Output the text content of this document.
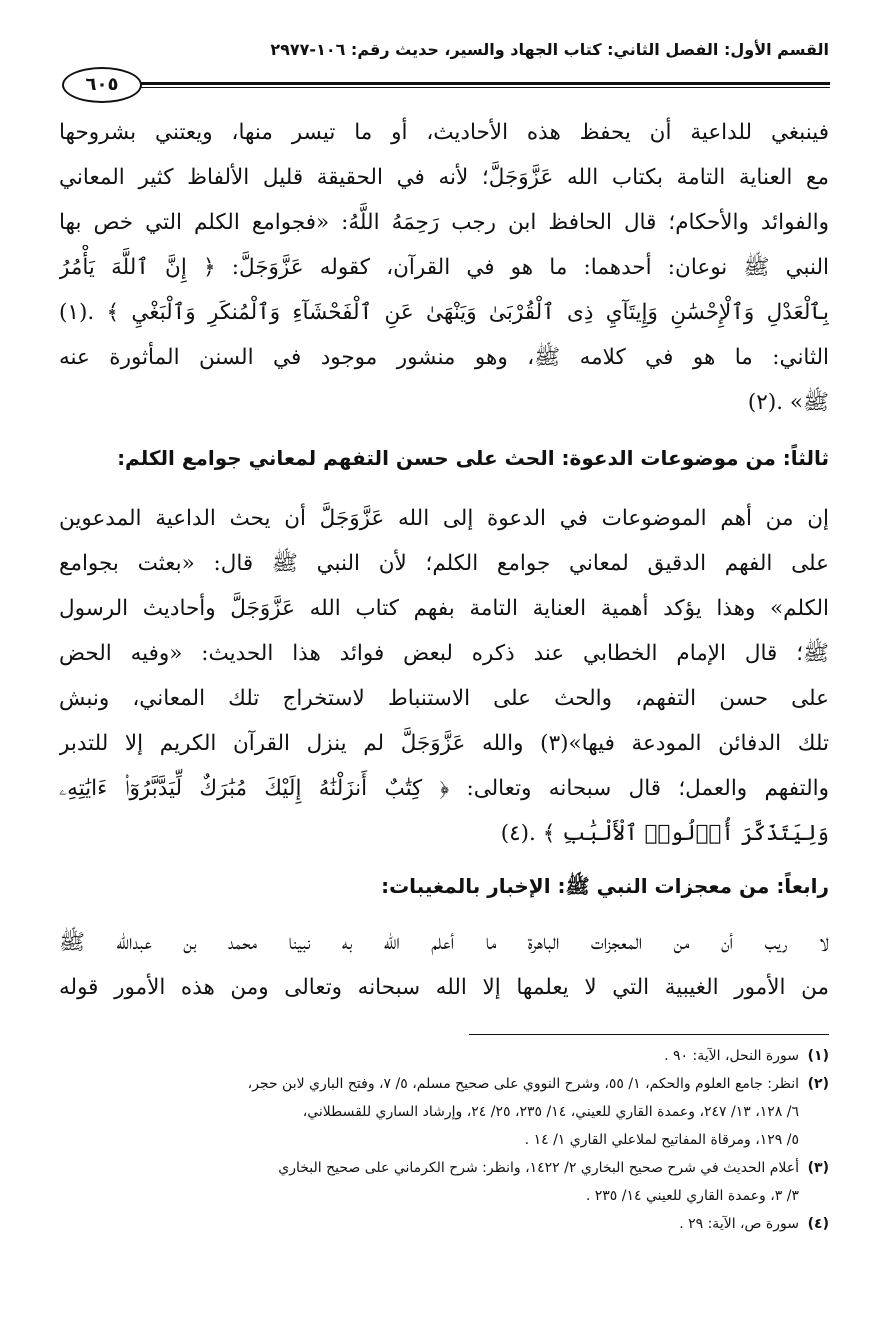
القسم الأول: الفصل الثاني: كتاب الجهاد والسير، حديث رقم: ١٠٦-٢٩٧٧
٦٠٥
فينبغي للداعية أن يحفظ هذه الأحاديث، أو ما تيسر منها، ويعتني بشروحها
مع العناية التامة بكتاب الله عَزَّوَجَلَّ؛ لأنه في الحقيقة قليل الألفاظ كثير المعاني
والفوائد والأحكام؛ قال الحافظ ابن رجب رَحِمَهُ اللَّهُ: «فجوامع الكلم التي خص بها
النبي ﷺ نوعان: أحدهما: ما هو في القرآن، كقوله عَزَّوَجَلَّ: ﴿ إِنَّ ٱللَّهَ يَأْمُرُ
بِٱلْعَدْلِ وَٱلْإِحْسَٰنِ وَإِيتَآيِ ذِى ٱلْقُرْبَىٰ وَيَنْهَىٰ عَنِ ٱلْفَحْشَآءِ وَٱلْمُنكَرِ وَٱلْبَغْيِ ﴾ .(١)
الثاني: ما هو في كلامه ﷺ، وهو منشور موجود في السنن المأثورة عنه
ﷺ» .(٢)
ثالثاً: من موضوعات الدعوة: الحث على حسن التفهم لمعاني جوامع الكلم:
إن من أهم الموضوعات في الدعوة إلى الله عَزَّوَجَلَّ أن يحث الداعية المدعوين
على الفهم الدقيق لمعاني جوامع الكلم؛ لأن النبي ﷺ قال: «بعثت بجوامع
الكلم» وهذا يؤكد أهمية العناية التامة بفهم كتاب الله عَزَّوَجَلَّ وأحاديث الرسول
ﷺ؛ قال الإمام الخطابي عند ذكره لبعض فوائد هذا الحديث: «وفيه الحض
على حسن التفهم، والحث على الاستنباط لاستخراج تلك المعاني، ونبش
تلك الدفائن المودعة فيها»(٣) والله عَزَّوَجَلَّ لم ينزل القرآن الكريم إلا للتدبر
والتفهم والعمل؛ قال سبحانه وتعالى: ﴿ كِتَٰبٌ أَنزَلْنَٰهُ إِلَيْكَ مُبَٰرَكٌ لِّيَدَّبَّرُوٓا۟ ءَايَٰتِهِۦ
وَلِيَتَذَكَّرَ أُو۟لُوا۟ ٱلْأَلْبَٰبِ ﴾ .(٤)
رابعاً: من معجزات النبي ﷺ: الإخبار بالمغيبات:
لا ريب أن من المعجزات الباهرة ما أعلم الله به نبينا محمد بن عبدالله ﷺ
من الأمور الغيبية التي لا يعلمها إلا الله سبحانه وتعالى ومن هذه الأمور قوله
(١)سورة النحل، الآية: ٩٠ .
(٢)انظر: جامع العلوم والحكم، ١/ ٥٥، وشرح النووي على صحيح مسلم، ٥/ ٧، وفتح الباري لابن حجر،
٦/ ١٢٨، ١٣/ ٢٤٧، وعمدة القاري للعيني، ١٤/ ٢٣٥، ٢٥/ ٢٤، وإرشاد الساري للقسطلاني،
٥/ ١٢٩، ومرقاة المفاتيح لملاعلي القاري ١/ ١٤ .
(٣)أعلام الحديث في شرح صحيح البخاري ٢/ ١٤٢٢، وانظر: شرح الكرماني على صحيح البخاري
٣/ ٣، وعمدة القاري للعيني ١٤/ ٢٣٥ .
(٤)سورة ص، الآية: ٢٩ .
